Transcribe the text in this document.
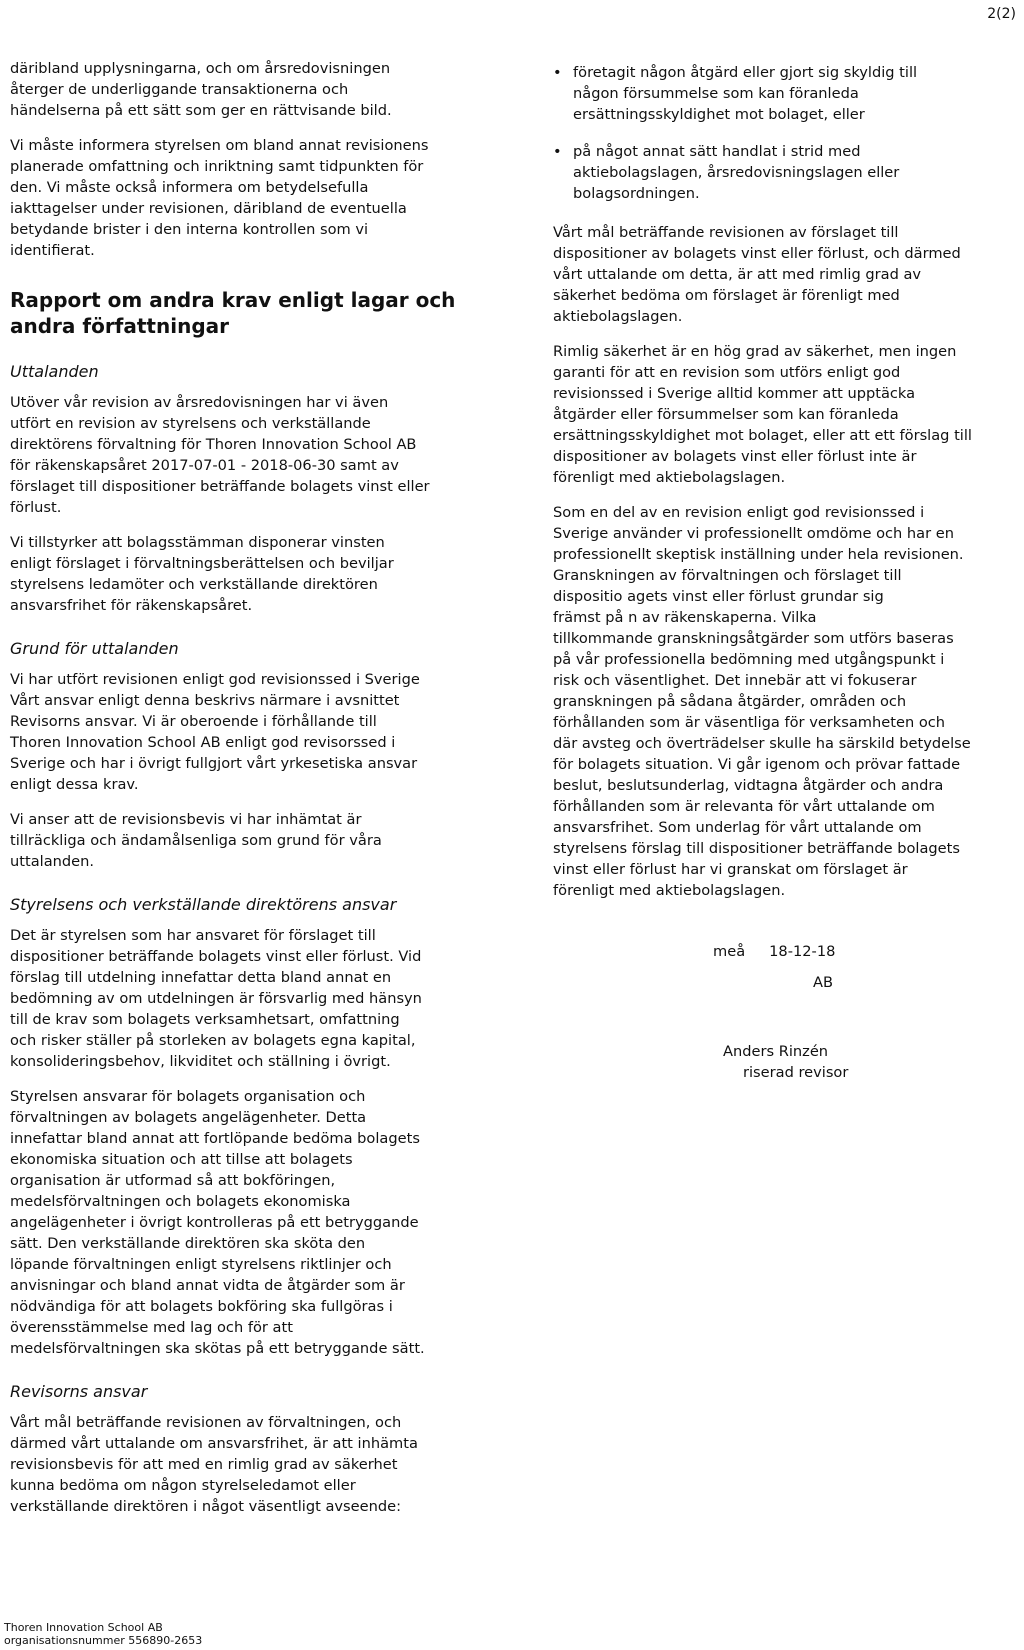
2(2)

däribland upplysningarna, och om årsredovisningen
återger de underliggande transaktionerna och
händelserna på ett sätt som ger en rättvisande bild.

Vi måste informera styrelsen om bland annat revisionens
planerade omfattning och inriktning samt tidpunkten för
den. Vi måste också informera om betydelsefulla
iakttagelser under revisionen, däribland de eventuella
betydande brister i den interna kontrollen som vi
identifierat.

Rapport om andra krav enligt lagar och
andra författningar
Uttalanden

Utöver vår revision av årsredovisningen har vi även
utfört en revision av styrelsens och verkställande
direktörens förvaltning för Thoren Innovation School AB
för räkenskapsåret 2017-07-01 - 2018-06-30 samt av
förslaget till dispositioner beträffande bolagets vinst eller
förlust.

Vi tillstyrker att bolagsstämman disponerar vinsten
enligt förslaget i förvaltningsberättelsen och beviljar
styrelsens ledamöter och verkställande direktören
ansvarsfrihet för räkenskapsåret.

Grund för uttalanden

Vi har utfört revisionen enligt god revisionssed i Sverige
Vårt ansvar enligt denna beskrivs närmare i avsnittet
Revisorns ansvar. Vi är oberoende i förhållande till
Thoren Innovation School AB enligt god revisorssed i
Sverige och har i övrigt fullgjort vårt yrkesetiska ansvar
enligt dessa krav.

Vi anser att de revisionsbevis vi har inhämtat är
tillräckliga och ändamålsenliga som grund för våra
uttalanden.

Styrelsens och verkställande direktörens ansvar

Det är styrelsen som har ansvaret för förslaget till
dispositioner beträffande bolagets vinst eller förlust. Vid
förslag till utdelning innefattar detta bland annat en
bedömning av om utdelningen är försvarlig med hänsyn
till de krav som bolagets verksamhetsart, omfattning
och risker ställer på storleken av bolagets egna kapital,
konsolideringsbehov, likviditet och ställning i övrigt.

Styrelsen ansvarar för bolagets organisation och
förvaltningen av bolagets angelägenheter. Detta
innefattar bland annat att fortlöpande bedöma bolagets
ekonomiska situation och att tillse att bolagets
organisation är utformad så att bokföringen,
medelsförvaltningen och bolagets ekonomiska
angelägenheter i övrigt kontrolleras på ett betryggande
sätt. Den verkställande direktören ska sköta den
löpande förvaltningen enligt styrelsens riktlinjer och
anvisningar och bland annat vidta de åtgärder som är
nödvändiga för att bolagets bokföring ska fullgöras i
överensstämmelse med lag och för att
medelsförvaltningen ska skötas på ett betryggande sätt.

Revisorns ansvar

Vårt mål beträffande revisionen av förvaltningen, och
därmed vårt uttalande om ansvarsfrihet, är att inhämta
revisionsbevis för att med en rimlig grad av säkerhet
kunna bedöma om någon styrelseledamot eller
verkställande direktören i något väsentligt avseende:

• företagit någon åtgärd eller gjort sig skyldig till
någon försummelse som kan föranleda
ersättningsskyldighet mot bolaget, eller
• på något annat sätt handlat i strid med
aktiebolagslagen, årsredovisningslagen eller
bolagsordningen.

Vårt mål beträffande revisionen av förslaget till
dispositioner av bolagets vinst eller förlust, och därmed
vårt uttalande om detta, är att med rimlig grad av
säkerhet bedöma om förslaget är förenligt med
aktiebolagslagen.

Rimlig säkerhet är en hög grad av säkerhet, men ingen
garanti för att en revision som utförs enligt god
revisionssed i Sverige alltid kommer att upptäcka
åtgärder eller försummelser som kan föranleda
ersättningsskyldighet mot bolaget, eller att ett förslag till
dispositioner av bolagets vinst eller förlust inte är
förenligt med aktiebolagslagen.

Som en del av en revision enligt god revisionssed i
Sverige använder vi professionellt omdöme och har en
professionellt skeptisk inställning under hela revisionen.
Granskningen av förvaltningen och förslaget till
dispositio agets vinst eller förlust grundar sig
främst på n av räkenskaperna. Vilka
tillkommande granskningsåtgärder som utförs baseras
på vår professionella bedömning med utgångspunkt i
risk och väsentlighet. Det innebär att vi fokuserar
granskningen på sådana åtgärder, områden och
förhållanden som är väsentliga för verksamheten och
där avsteg och överträdelser skulle ha särskild betydelse
för bolagets situation. Vi går igenom och prövar fattade
beslut, beslutsunderlag, vidtagna åtgärder och andra
förhållanden som är relevanta för vårt uttalande om
ansvarsfrihet. Som underlag för vårt uttalande om
styrelsens förslag till dispositioner beträffande bolagets
vinst eller förlust har vi granskat om förslaget är
förenligt med aktiebolagslagen.

meå 18-12-18
AB
Anders Rinzén
riserad revisor
Thoren Innovation School AB
organisationsnummer 556890-2653
